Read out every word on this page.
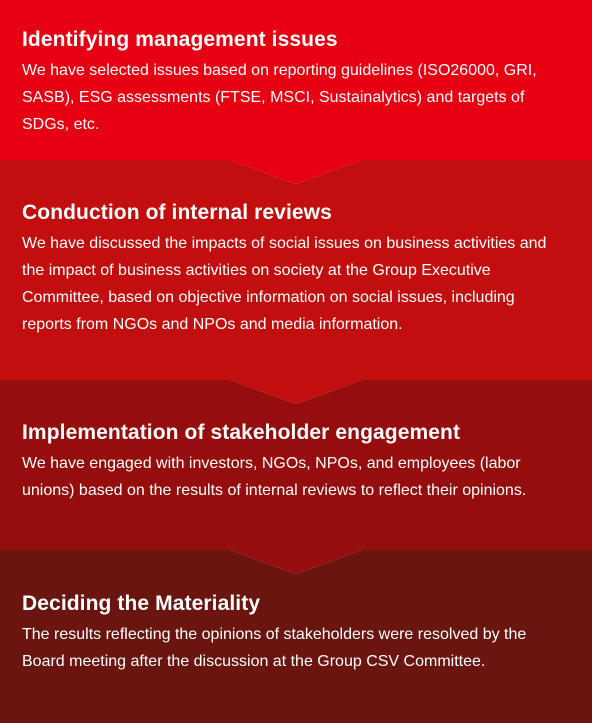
Identifying management issues

We have selected issues based on reporting guidelines (ISO26000, GRI, SASB), ESG assessments (FTSE, MSCI, Sustainalytics) and targets of SDGs, etc.

Conduction of internal reviews

We have discussed the impacts of social issues on business activities and the impact of business activities on society at the Group Executive Committee, based on objective information on social issues, including reports from NGOs and NPOs and media information.

Implementation of stakeholder engagement

We have engaged with investors, NGOs, NPOs, and employees (labor unions) based on the results of internal reviews to reflect their opinions.

Deciding the Materiality

The results reflecting the opinions of stakeholders were resolved by the Board meeting after the discussion at the Group CSV Committee.
